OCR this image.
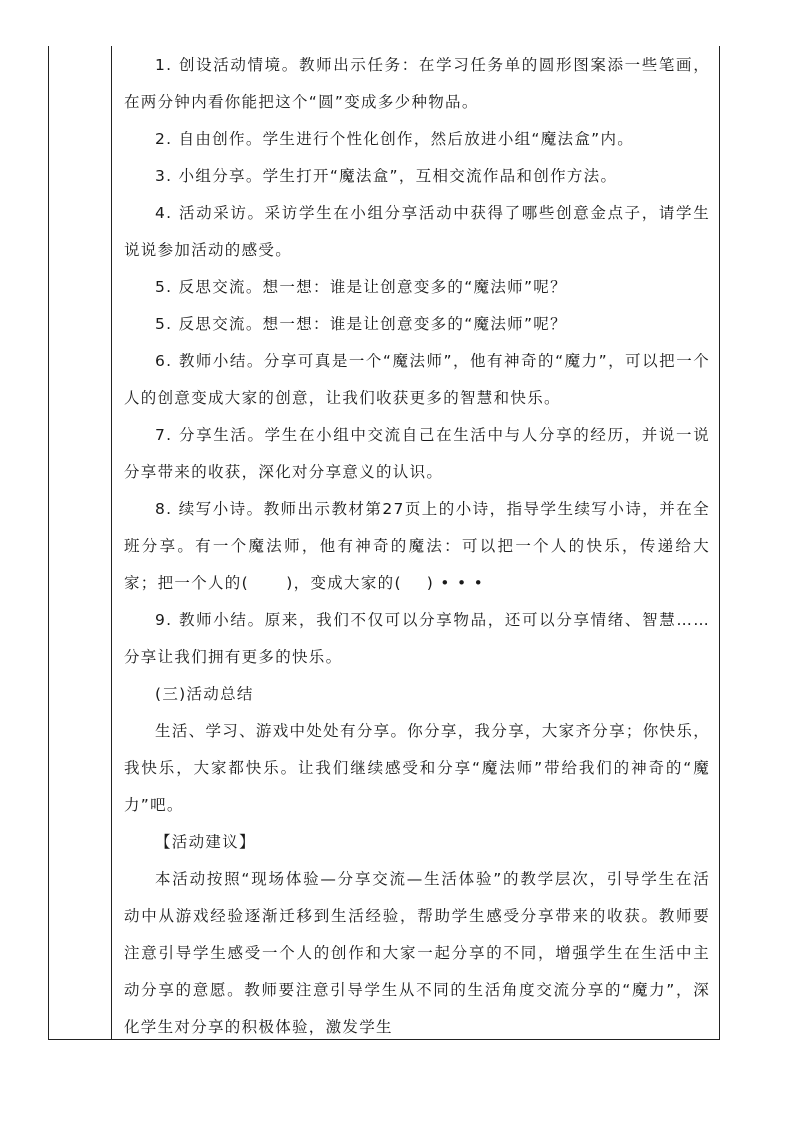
1. 创设活动情境。教师出示任务：在学习任务单的圆形图案添一些笔画，在两分钟内看你能把这个“圆”变成多少种物品。

2. 自由创作。学生进行个性化创作，然后放进小组“魔法盒”内。

3. 小组分享。学生打开“魔法盒”，互相交流作品和创作方法。

4. 活动采访。采访学生在小组分享活动中获得了哪些创意金点子，请学生说说参加活动的感受。

5. 反思交流。想一想：谁是让创意变多的“魔法师”呢？

5. 反思交流。想一想：谁是让创意变多的“魔法师”呢？

6. 教师小结。分享可真是一个“魔法师”，他有神奇的“魔力”，可以把一个人的创意变成大家的创意，让我们收获更多的智慧和快乐。

7. 分享生活。学生在小组中交流自己在生活中与人分享的经历，并说一说分享带来的收获，深化对分享意义的认识。

8. 续写小诗。教师出示教材第27页上的小诗，指导学生续写小诗，并在全班分享。有一个魔法师，他有神奇的魔法：可以把一个人的快乐，传递给大家；把一个人的(      )，变成大家的(    ) • • •

9. 教师小结。原来，我们不仅可以分享物品，还可以分享情绪、智慧……分享让我们拥有更多的快乐。

(三)活动总结

生活、学习、游戏中处处有分享。你分享，我分享，大家齐分享；你快乐，我快乐，大家都快乐。让我们继续感受和分享“魔法师”带给我们的神奇的“魔力”吧。

【活动建议】

本活动按照“现场体验—分享交流—生活体验”的教学层次，引导学生在活动中从游戏经验逐渐迁移到生活经验，帮助学生感受分享带来的收获。教师要注意引导学生感受一个人的创作和大家一起分享的不同，增强学生在生活中主动分享的意愿。教师要注意引导学生从不同的生活角度交流分享的“魔力”，深化学生对分享的积极体验，激发学生
